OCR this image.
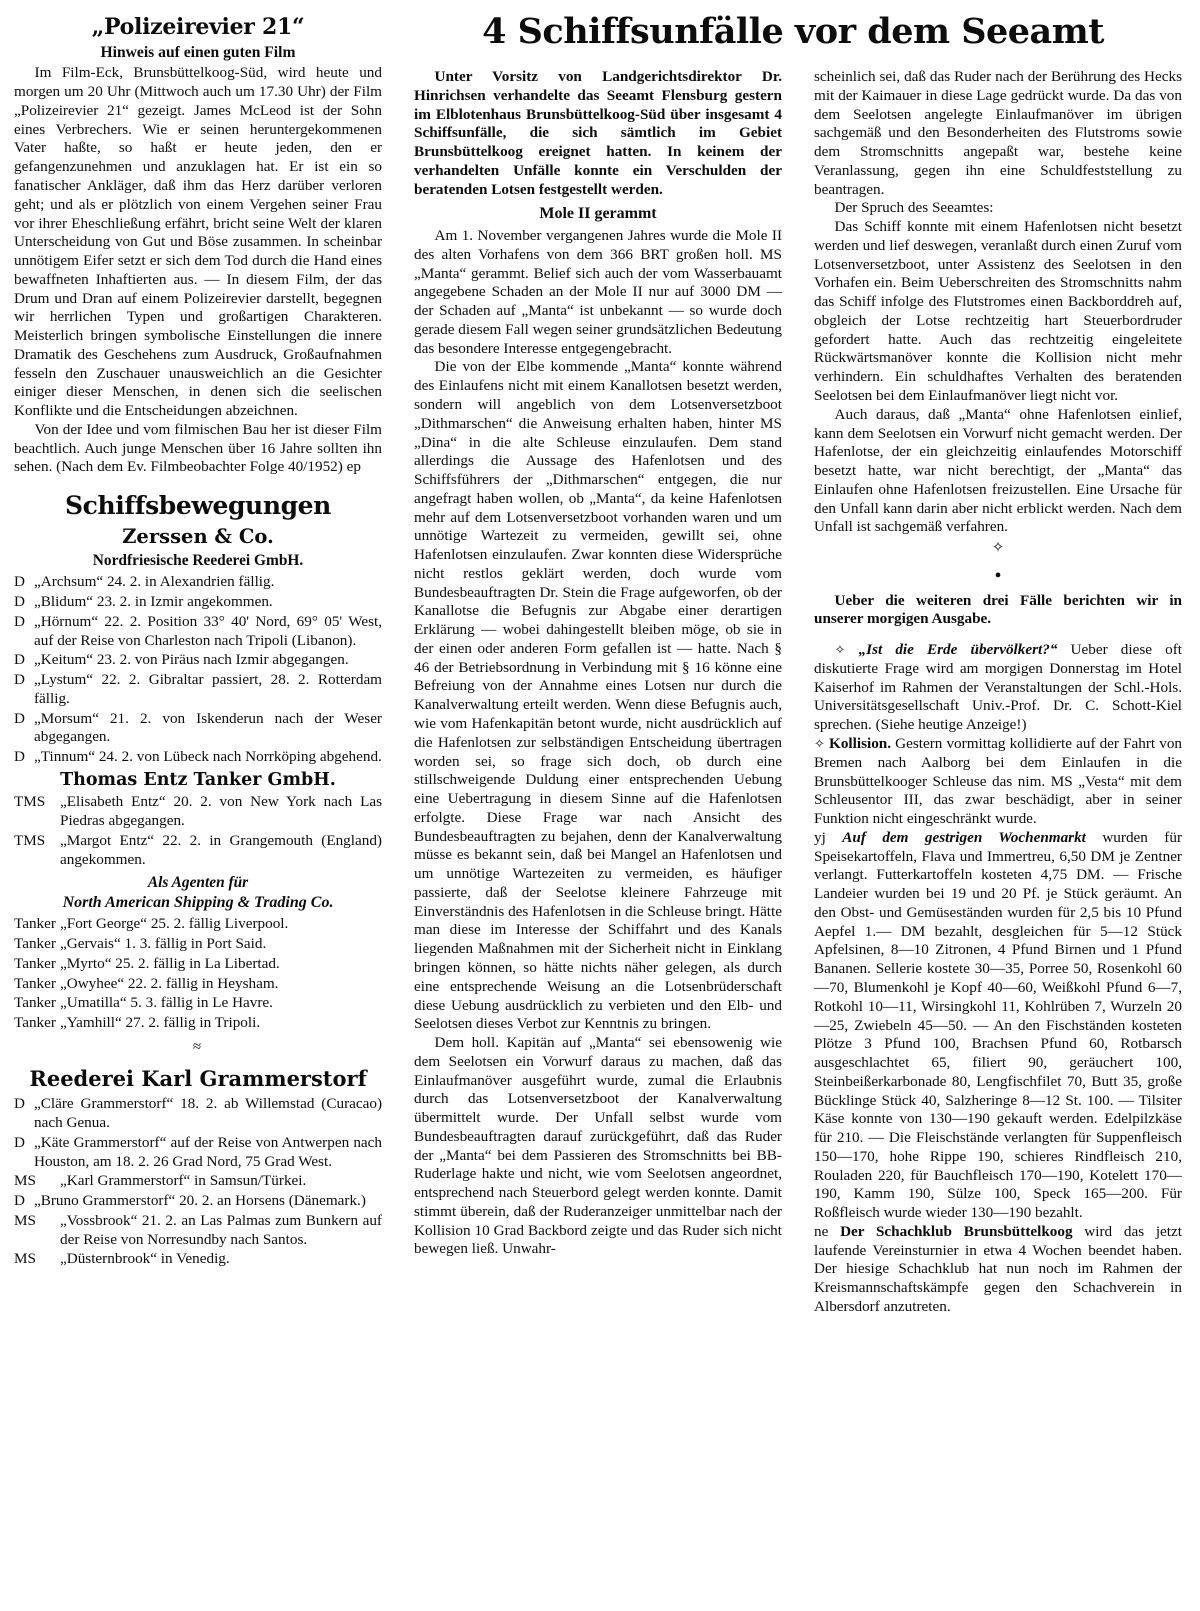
4 Schiffsunfälle vor dem Seeamt
„Polizeirevier 21“
Hinweis auf einen guten Film

Im Film-Eck, Brunsbüttelkoog-Süd, wird heute und morgen um 20 Uhr (Mittwoch auch um 17.30 Uhr) der Film „Polizeirevier 21“ gezeigt. James McLeod ist der Sohn eines Verbrechers. Wie er seinen heruntergekommenen Vater haßte, so haßt er heute jeden, den er gefangenzunehmen und anzuklagen hat. Er ist ein so fanatischer Ankläger, daß ihm das Herz darüber verloren geht; und als er plötzlich von einem Vergehen seiner Frau vor ihrer Eheschließung erfährt, bricht seine Welt der klaren Unterscheidung von Gut und Böse zusammen. In scheinbar unnötigem Eifer setzt er sich dem Tod durch die Hand eines bewaffneten Inhaftierten aus. — In diesem Film, der das Drum und Dran auf einem Polizeirevier darstellt, begegnen wir herrlichen Typen und großartigen Charakteren. Meisterlich bringen symbolische Einstellungen die innere Dramatik des Geschehens zum Ausdruck, Großaufnahmen fesseln den Zuschauer unausweichlich an die Gesichter einiger dieser Menschen, in denen sich die seelischen Konflikte und die Entscheidungen abzeichnen.

Von der Idee und vom filmischen Bau her ist dieser Film beachtlich. Auch junge Menschen über 16 Jahre sollten ihn sehen. (Nach dem Ev. Filmbeobachter Folge 40/1952) ep

Schiffsbewegungen
Zerssen & Co.
Nordfriesische Reederei GmbH.
D „Archsum“ 24. 2. in Alexandrien fällig.
D „Blidum“ 23. 2. in Izmir angekommen.
D „Hörnum“ 22. 2. Position 33° 40' Nord, 69° 05' West, auf der Reise von Charleston nach Tripoli (Libanon).
D „Keitum“ 23. 2. von Piräus nach Izmir abgegangen.
D „Lystum“ 22. 2. Gibraltar passiert, 28. 2. Rotterdam fällig.
D „Morsum“ 21. 2. von Iskenderun nach der Weser abgegangen.
D „Tinnum“ 24. 2. von Lübeck nach Norrköping abgehend.
Thomas Entz Tanker GmbH.
TMS „Elisabeth Entz“ 20. 2. von New York nach Las Piedras abgegangen.
TMS „Margot Entz“ 22. 2. in Grangemouth (England) angekommen.
Als Agenten für
North American Shipping & Trading Co.
Tanker „Fort George“ 25. 2. fällig Liverpool.
Tanker „Gervais“ 1. 3. fällig in Port Said.
Tanker „Myrto“ 25. 2. fällig in La Libertad.
Tanker „Owyhee“ 22. 2. fällig in Heysham.
Tanker „Umatilla“ 5. 3. fällig in Le Havre.
Tanker „Yamhill“ 27. 2. fällig in Tripoli.
≈
Reederei Karl Grammerstorf
D „Cläre Grammerstorf“ 18. 2. ab Willemstad (Curacao) nach Genua.
D „Käte Grammerstorf“ auf der Reise von Antwerpen nach Houston, am 18. 2. 26 Grad Nord, 75 Grad West.
MS	„Karl Grammerstorf“ in Samsun/Türkei.
D „Bruno Grammerstorf“ 20. 2. an Horsens (Dänemark.)
MS	„Vossbrook“ 21. 2. an Las Palmas zum Bunkern auf der Reise von Norresundby nach Santos.
MS	„Düsternbrook“ in Venedig.

Unter Vorsitz von Landgerichtsdirektor Dr. Hinrichsen verhandelte das Seeamt Flensburg gestern im Elblotenhaus Brunsbüttelkoog-Süd über insgesamt 4 Schiffsunfälle, die sich sämtlich im Gebiet Brunsbüttelkoog ereignet hatten. In keinem der verhandelten Unfälle konnte ein Verschulden der beratenden Lotsen festgestellt werden.

Mole II gerammt

Am 1. November vergangenen Jahres wurde die Mole II des alten Vorhafens von dem 366 BRT großen holl. MS „Manta“ gerammt. Belief sich auch der vom Wasserbauamt angegebene Schaden an der Mole II nur auf 3000 DM — der Schaden auf „Manta“ ist unbekannt — so wurde doch gerade diesem Fall wegen seiner grundsätzlichen Bedeutung das besondere Interesse entgegengebracht.

Die von der Elbe kommende „Manta“ konnte während des Einlaufens nicht mit einem Kanallotsen besetzt werden, sondern will angeblich von dem Lotsenversetzboot „Dithmarschen“ die Anweisung erhalten haben, hinter MS „Dina“ in die alte Schleuse einzulaufen. Dem stand allerdings die Aussage des Hafenlotsen und des Schiffsführers der „Dithmarschen“ entgegen, die nur angefragt haben wollen, ob „Manta“, da keine Hafenlotsen mehr auf dem Lotsenversetzboot vorhanden waren und um unnötige Wartezeit zu vermeiden, gewillt sei, ohne Hafenlotsen einzulaufen. Zwar konnten diese Widersprüche nicht restlos geklärt werden, doch wurde vom Bundesbeauftragten Dr. Stein die Frage aufgeworfen, ob der Kanallotse die Befugnis zur Abgabe einer derartigen Erklärung — wobei dahingestellt bleiben möge, ob sie in der einen oder anderen Form gefallen ist — hatte. Nach § 46 der Betriebsordnung in Verbindung mit § 16 könne eine Befreiung von der Annahme eines Lotsen nur durch die Kanalverwaltung erteilt werden. Wenn diese Befugnis auch, wie vom Hafenkapitän betont wurde, nicht ausdrücklich auf die Hafenlotsen zur selbständigen Entscheidung übertragen worden sei, so frage sich doch, ob durch eine stillschweigende Duldung einer entsprechenden Uebung eine Uebertragung in diesem Sinne auf die Hafenlotsen erfolgte. Diese Frage war nach Ansicht des Bundesbeauftragten zu bejahen, denn der Kanalverwaltung müsse es bekannt sein, daß bei Mangel an Hafenlotsen und um unnötige Wartezeiten zu vermeiden, es häufiger passierte, daß der Seelotse kleinere Fahrzeuge mit Einverständnis des Hafenlotsen in die Schleuse bringt. Hätte man diese im Interesse der Schiffahrt und des Kanals liegenden Maßnahmen mit der Sicherheit nicht in Einklang bringen können, so hätte nichts näher gelegen, als durch eine entsprechende Weisung an die Lotsenbrüderschaft diese Uebung ausdrücklich zu verbieten und den Elb- und Seelotsen dieses Verbot zur Kenntnis zu bringen.

Dem holl. Kapitän auf „Manta“ sei ebensowenig wie dem Seelotsen ein Vorwurf daraus zu machen, daß das Einlaufmanöver ausgeführt wurde, zumal die Erlaubnis durch das Lotsenversetzboot der Kanalverwaltung übermittelt wurde. Der Unfall selbst wurde vom Bundesbeauftragten darauf zurückgeführt, daß das Ruder der „Manta“ bei dem Passieren des Stromschnitts bei BB-Ruderlage hakte und nicht, wie vom Seelotsen angeordnet, entsprechend nach Steuerbord gelegt werden konnte. Damit stimmt überein, daß der Ruderanzeiger unmittelbar nach der Kollision 10 Grad Backbord zeigte und das Ruder sich nicht bewegen ließ. Unwahr-

scheinlich sei, daß das Ruder nach der Berührung des Hecks mit der Kaimauer in diese Lage gedrückt wurde. Da das von dem Seelotsen angelegte Einlaufmanöver im übrigen sachgemäß und den Besonderheiten des Flutstroms sowie dem Stromschnitts angepaßt war, bestehe keine Veranlassung, gegen ihn eine Schuldfeststellung zu beantragen.

Der Spruch des Seeamtes:

Das Schiff konnte mit einem Hafenlotsen nicht besetzt werden und lief deswegen, veranlaßt durch einen Zuruf vom Lotsenversetzboot, unter Assistenz des Seelotsen in den Vorhafen ein. Beim Ueberschreiten des Stromschnitts nahm das Schiff infolge des Flutstromes einen Backborddreh auf, obgleich der Lotse rechtzeitig hart Steuerbordruder gefordert hatte. Auch das rechtzeitig eingeleitete Rückwärtsmanöver konnte die Kollision nicht mehr verhindern. Ein schuldhaftes Verhalten des beratenden Seelotsen bei dem Einlaufmanöver liegt nicht vor.

Auch daraus, daß „Manta“ ohne Hafenlotsen einlief, kann dem Seelotsen ein Vorwurf nicht gemacht werden. Der Hafenlotse, der ein gleichzeitig einlaufendes Motorschiff besetzt hatte, war nicht berechtigt, der „Manta“ das Einlaufen ohne Hafenlotsen freizustellen. Eine Ursache für den Unfall kann darin aber nicht erblickt werden. Nach dem Unfall ist sachgemäß verfahren.

✧
•

Ueber die weiteren drei Fälle berichten wir in unserer morgigen Ausgabe.

✧ „Ist die Erde übervölkert?“ Ueber diese oft diskutierte Frage wird am morgigen Donnerstag im Hotel Kaiserhof im Rahmen der Veranstaltungen der Schl.-Hols. Universitätsgesellschaft Univ.-Prof. Dr. C. Schott-Kiel sprechen. (Siehe heutige Anzeige!)

✧ Kollision. Gestern vormittag kollidierte auf der Fahrt von Bremen nach Aalborg bei dem Einlaufen in die Brunsbüttelkooger Schleuse das nim. MS „Vesta“ mit dem Schleusentor III, das zwar beschädigt, aber in seiner Funktion nicht eingeschränkt wurde.

yj Auf dem gestrigen Wochenmarkt wurden für Speisekartoffeln, Flava und Immertreu, 6,50 DM je Zentner verlangt. Futterkartoffeln kosteten 4,75 DM. — Frische Landeier wurden bei 19 und 20 Pf. je Stück geräumt. An den Obst- und Gemüseständen wurden für 2,5 bis 10 Pfund Aepfel 1.— DM bezahlt, desgleichen für 5—12 Stück Apfelsinen, 8—10 Zitronen, 4 Pfund Birnen und 1 Pfund Bananen. Sellerie kostete 30—35, Porree 50, Rosenkohl 60—70, Blumenkohl je Kopf 40—60, Weißkohl Pfund 6—7, Rotkohl 10—11, Wirsingkohl 11, Kohlrüben 7, Wurzeln 20—25, Zwiebeln 45—50. — An den Fischständen kosteten Plötze 3 Pfund 100, Brachsen Pfund 60, Rotbarsch ausgeschlachtet 65, filiert 90, geräuchert 100, Steinbeißerkarbonade 80, Lengfischfilet 70, Butt 35, große Bücklinge Stück 40, Salzheringe 8—12 St. 100. — Tilsiter Käse konnte von 130—190 gekauft werden. Edelpilzkäse für 210. — Die Fleischstände verlangten für Suppenfleisch 150—170, hohe Rippe 190, schieres Rindfleisch 210, Rouladen 220, für Bauchfleisch 170—190, Kotelett 170—190, Kamm 190, Sülze 100, Speck 165—200. Für Roßfleisch wurde wieder 130—190 bezahlt.

ne Der Schachklub Brunsbüttelkoog wird das jetzt laufende Vereinsturnier in etwa 4 Wochen beendet haben. Der hiesige Schachklub hat nun noch im Rahmen der Kreismannschaftskämpfe gegen den Schachverein in Albersdorf anzutreten.
